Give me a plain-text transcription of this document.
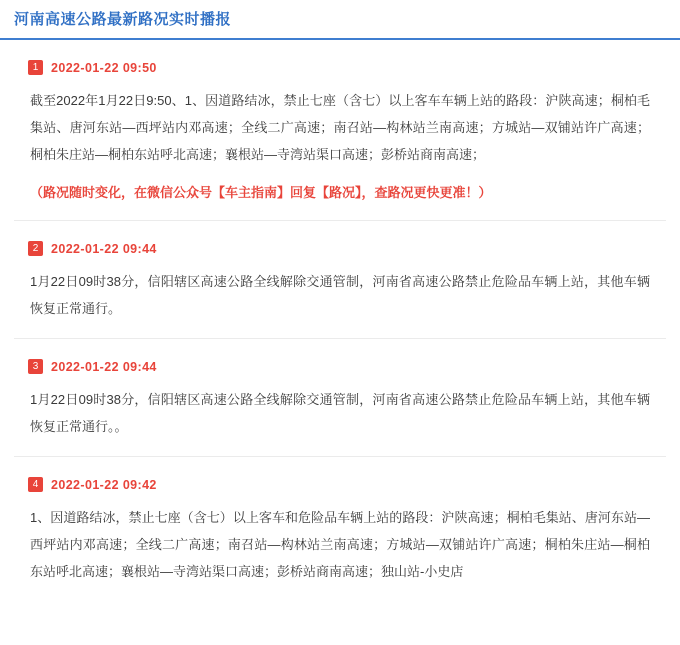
河南高速公路最新路况实时播报
1	2022-01-22 09:50
截至2022年1月22日9:50、1、因道路结冰，禁止七座（含七）以上客车车辆上站的路段：沪陕高速；桐柏毛集站、唐河东站—西坪站内邓高速；全线二广高速；南召站—构林站兰南高速；方城站—双铺站许广高速；桐柏朱庄站—桐柏东站呼北高速；襄根站—寺湾站渠口高速；彭桥站商南高速；
（路况随时变化，在微信公众号【车主指南】回复【路况】，查路况更快更准！）
2	2022-01-22 09:44
1月22日09时38分，信阳辖区高速公路全线解除交通管制，河南省高速公路禁止危险品车辆上站，其他车辆恢复正常通行。
3	2022-01-22 09:44
1月22日09时38分，信阳辖区高速公路全线解除交通管制，河南省高速公路禁止危险品车辆上站，其他车辆恢复正常通行。。
4	2022-01-22 09:42
1、因道路结冰，禁止七座（含七）以上客车和危险品车辆上站的路段：沪陕高速；桐柏毛集站、唐河东站—西坪站内邓高速；全线二广高速；南召站—构林站兰南高速；方城站—双铺站许广高速；桐柏朱庄站—桐柏东站呼北高速；襄根站—寺湾站渠口高速；彭桥站商南高速；独山站-小史店
